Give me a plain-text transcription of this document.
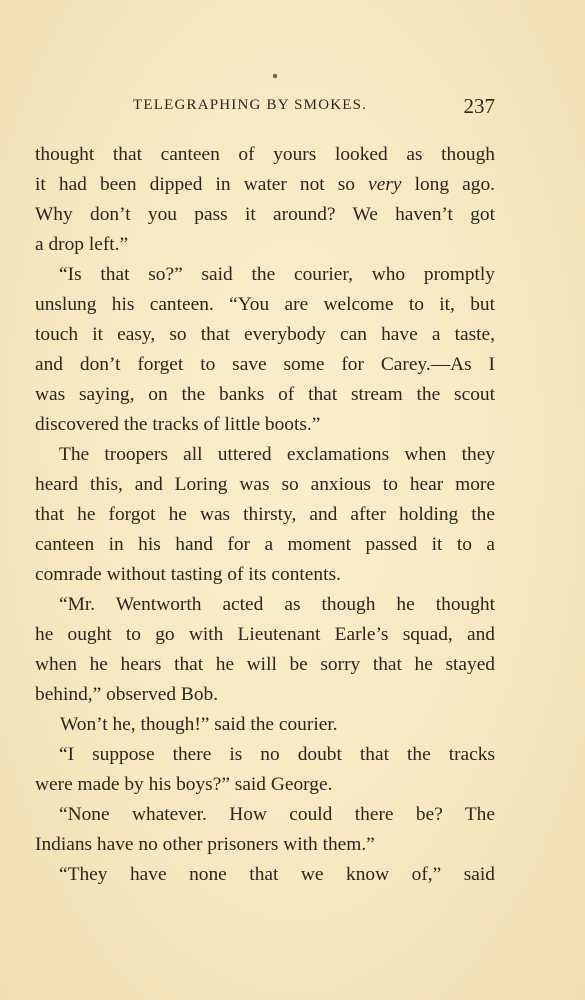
TELEGRAPHING BY SMOKES.	237
thought that canteen of yours looked as though
it had been dipped in water not so very long ago.
Why don’t you pass it around? We haven’t got
a drop left.”
“Is that so?” said the courier, who promptly
unslung his canteen. “You are welcome to it, but
touch it easy, so that everybody can have a taste,
and don’t forget to save some for Carey.—As I
was saying, on the banks of that stream the scout
discovered the tracks of little boots.”
The troopers all uttered exclamations when they
heard this, and Loring was so anxious to hear more
that he forgot he was thirsty, and after holding the
canteen in his hand for a moment passed it to a
comrade without tasting of its contents.
“Mr. Wentworth acted as though he thought
he ought to go with Lieutenant Earle’s squad, and
when he hears that he will be sorry that he stayed
behind,” observed Bob.
Won’t he, though!” said the courier.
“I suppose there is no doubt that the tracks
were made by his boys?” said George.
“None whatever. How could there be? The
Indians have no other prisoners with them.”
“They have none that we know of,” said
